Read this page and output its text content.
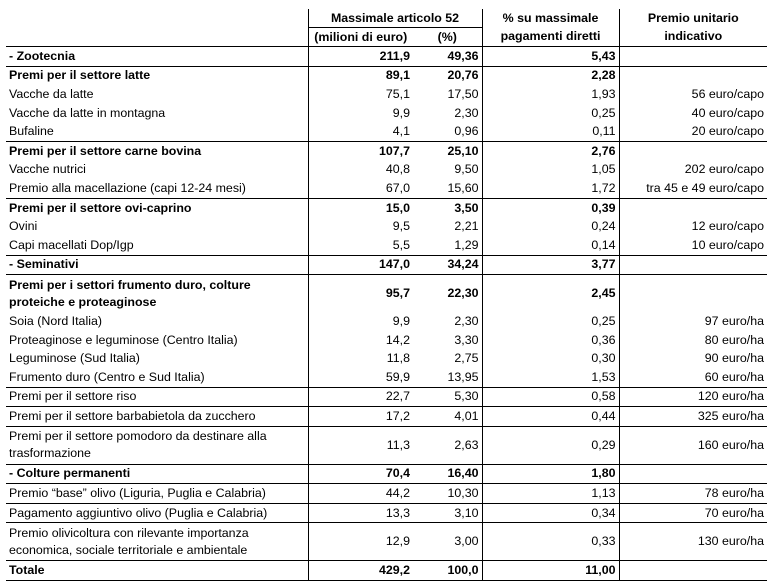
	Massimale articolo 52		% su massimale	Premio unitario
	(milioni di euro)	(%)	pagamenti diretti	indicativo
- Zootecnia	211,9	49,36	5,43	
Premi per il settore latte	89,1	20,76	2,28	
Vacche da latte	75,1	17,50	1,93	56 euro/capo
Vacche da latte in montagna	9,9	2,30	0,25	40 euro/capo
Bufaline	4,1	0,96	0,11	20 euro/capo
Premi per il settore carne bovina	107,7	25,10	2,76	
Vacche nutrici	40,8	9,50	1,05	202 euro/capo
Premio alla macellazione (capi 12-24 mesi)	67,0	15,60	1,72	tra 45 e 49 euro/capo
Premi per il settore ovi-caprino	15,0	3,50	0,39	
Ovini	9,5	2,21	0,24	12 euro/capo
Capi macellati Dop/Igp	5,5	1,29	0,14	10 euro/capo
- Seminativi	147,0	34,24	3,77	
Premi per i settori frumento duro, colture proteiche e proteaginose	95,7	22,30	2,45	
Soia (Nord Italia)	9,9	2,30	0,25	97 euro/ha
Proteaginose e leguminose (Centro Italia)	14,2	3,30	0,36	80 euro/ha
Leguminose (Sud Italia)	11,8	2,75	0,30	90 euro/ha
Frumento duro (Centro e Sud Italia)	59,9	13,95	1,53	60 euro/ha
Premi per il settore riso	22,7	5,30	0,58	120 euro/ha
Premi per il settore barbabietola da zucchero	17,2	4,01	0,44	325 euro/ha
Premi per il settore pomodoro da destinare alla trasformazione	11,3	2,63	0,29	160 euro/ha
- Colture permanenti	70,4	16,40	1,80	
Premio “base” olivo (Liguria, Puglia e Calabria)	44,2	10,30	1,13	78 euro/ha
Pagamento aggiuntivo olivo (Puglia e Calabria)	13,3	3,10	0,34	70 euro/ha
Premio olivicoltura con rilevante importanza economica, sociale territoriale e ambientale	12,9	3,00	0,33	130 euro/ha
Totale	429,2	100,0	11,00	
